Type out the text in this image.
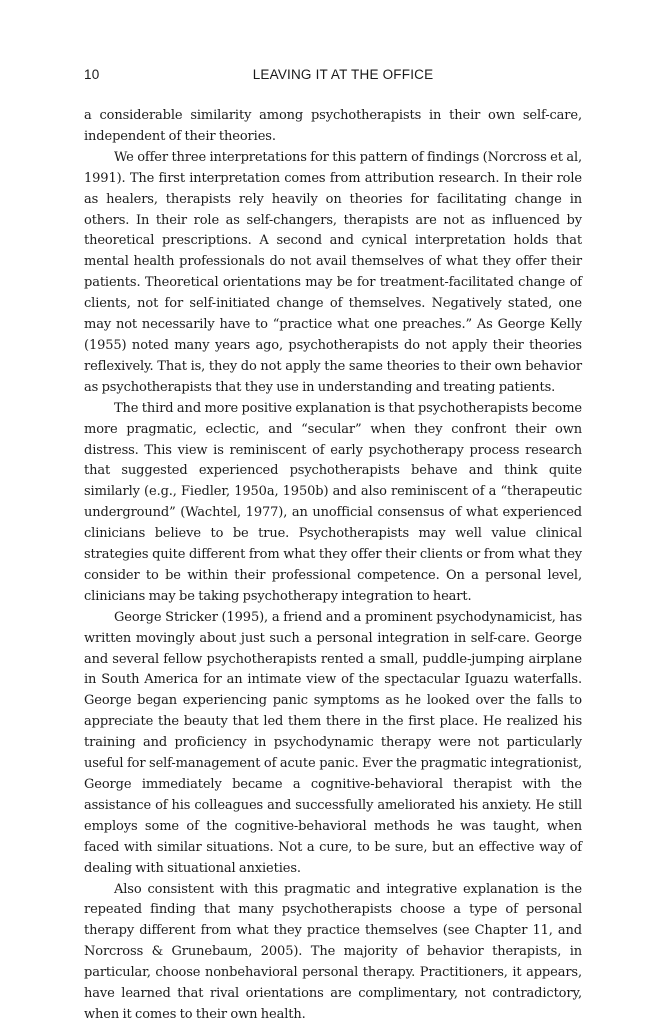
10	LEAVING IT AT THE OFFICE

a considerable similarity among psychotherapists in their own self-care, independent of their theories.

We offer three interpretations for this pattern of findings (Norcross et al, 1991). The first interpretation comes from attribution research. In their role as healers, therapists rely heavily on theories for facilitating change in others. In their role as self-changers, therapists are not as influenced by theoretical prescriptions. A second and cynical interpretation holds that mental health professionals do not avail themselves of what they offer their patients. Theoretical orientations may be for treatment-facilitated change of clients, not for self-initiated change of themselves. Negatively stated, one may not necessarily have to “practice what one preaches.” As George Kelly (1955) noted many years ago, psychotherapists do not apply their theories reflexively. That is, they do not apply the same theories to their own behavior as psychotherapists that they use in understanding and treating patients.

The third and more positive explanation is that psychotherapists become more pragmatic, eclectic, and “secular” when they confront their own distress. This view is reminiscent of early psychotherapy process research that suggested experienced psychotherapists behave and think quite similarly (e.g., Fiedler, 1950a, 1950b) and also reminiscent of a “therapeutic underground” (Wachtel, 1977), an unofficial consensus of what experienced clinicians believe to be true. Psychotherapists may well value clinical strategies quite different from what they offer their clients or from what they consider to be within their professional competence. On a personal level, clinicians may be taking psychotherapy integration to heart.

George Stricker (1995), a friend and a prominent psychodynamicist, has written movingly about just such a personal integration in self-care. George and several fellow psychotherapists rented a small, puddle-jumping airplane in South America for an intimate view of the spectacular Iguazu waterfalls. George began experiencing panic symptoms as he looked over the falls to appreciate the beauty that led them there in the first place. He realized his training and proficiency in psychodynamic therapy were not particularly useful for self-management of acute panic. Ever the pragmatic integrationist, George immediately became a cognitive-behavioral therapist with the assistance of his colleagues and successfully ameliorated his anxiety. He still employs some of the cognitive-behavioral methods he was taught, when faced with similar situations. Not a cure, to be sure, but an effective way of dealing with situational anxieties.

Also consistent with this pragmatic and integrative explanation is the repeated finding that many psychotherapists choose a type of personal therapy different from what they practice themselves (see Chapter 11, and Norcross & Grunebaum, 2005). The majority of behavior therapists, in particular, choose nonbehavioral personal therapy. Practitioners, it appears, have learned that rival orientations are complimentary, not contradictory, when it comes to their own health.
